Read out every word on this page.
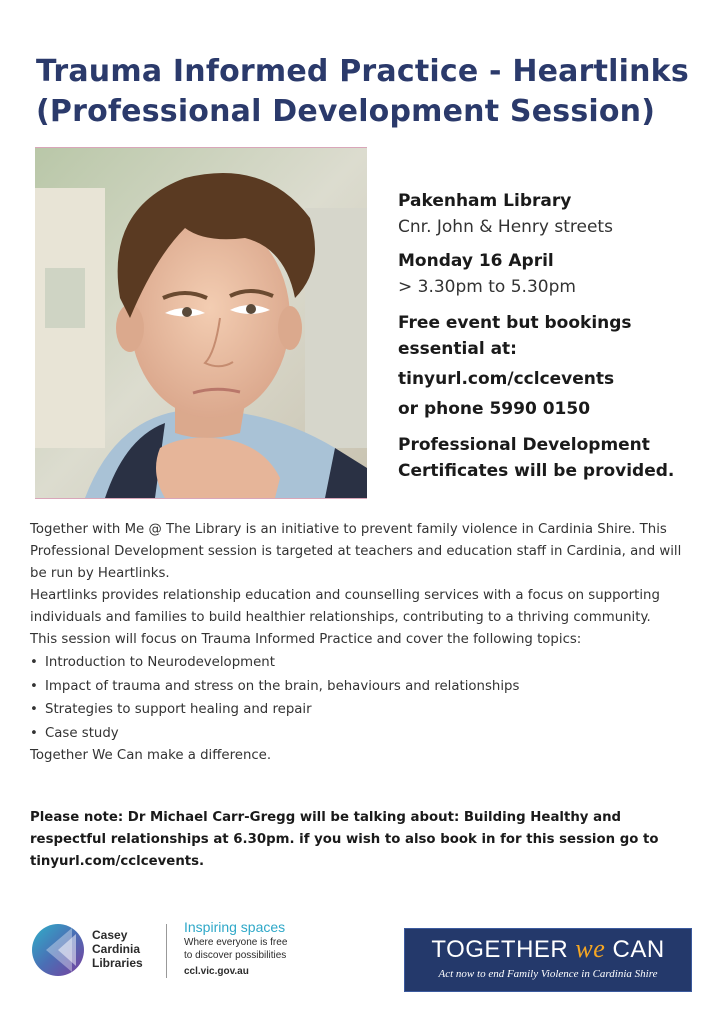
Trauma Informed Practice - Heartlinks
(Professional Development Session)
Pakenham Library
Cnr. John & Henry streets
Monday 16 April
> 3.30pm to 5.30pm
Free event but bookings
essential at:
tinyurl.com/cclcevents
or phone 5990 0150
Professional Development
Certificates will be provided.

Together with Me @ The Library is an initiative to prevent family violence in Cardinia Shire. This Professional Development session is targeted at teachers and education staff in Cardinia, and will be run by Heartlinks.

Heartlinks provides relationship education and counselling services with a focus on supporting individuals and families to build healthier relationships, contributing to a thriving community.

This session will focus on Trauma Informed Practice and cover the following topics:

• Introduction to Neurodevelopment
• Impact of trauma and stress on the brain, behaviours and relationships
• Strategies to support healing and repair
• Case study

Together We Can make a difference.

Please note: Dr Michael Carr-Gregg will be talking about: Building Healthy and respectful relationships at 6.30pm. if you wish to also book in for this session go to tinyurl.com/cclcevents.
Casey
Cardinia
Libraries
Inspiring spaces
Where everyone is free
to discover possibilities
ccl.vic.gov.au
TOGETHER we CAN
Act now to end Family Violence in Cardinia Shire
